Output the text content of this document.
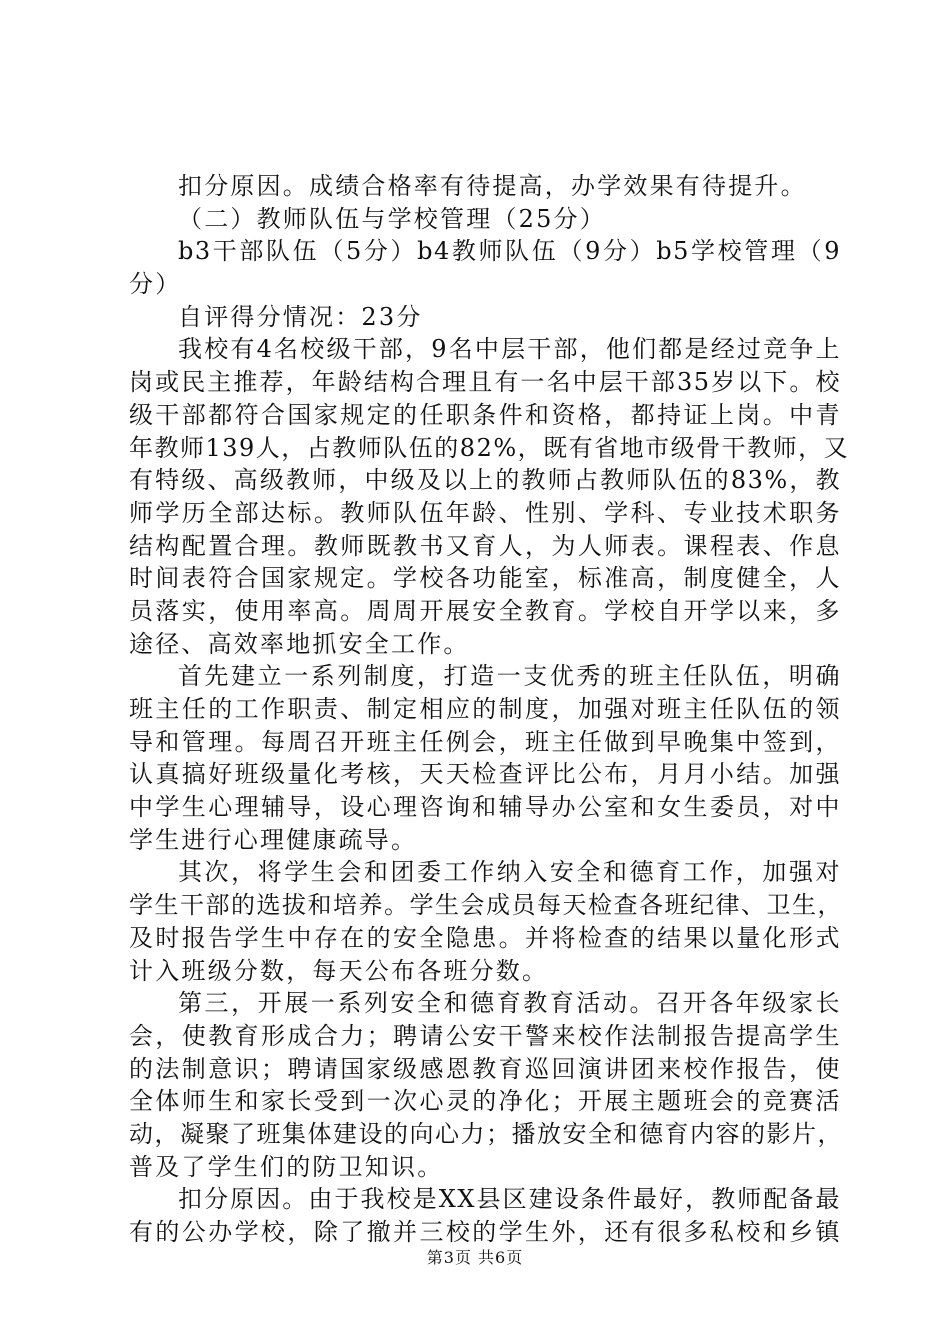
扣分原因。成绩合格率有待提高，办学效果有待提升。
（二）教师队伍与学校管理（25分）
b3干部队伍（5分）b4教师队伍（9分）b5学校管理（9
分）
自评得分情况：23分
我校有4名校级干部，9名中层干部，他们都是经过竞争上
岗或民主推荐，年龄结构合理且有一名中层干部35岁以下。校
级干部都符合国家规定的任职条件和资格，都持证上岗。中青
年教师139人，占教师队伍的82%，既有省地市级骨干教师，又
有特级、高级教师，中级及以上的教师占教师队伍的83%，教
师学历全部达标。教师队伍年龄、性别、学科、专业技术职务
结构配置合理。教师既教书又育人，为人师表。课程表、作息
时间表符合国家规定。学校各功能室，标准高，制度健全，人
员落实，使用率高。周周开展安全教育。学校自开学以来，多
途径、高效率地抓安全工作。
首先建立一系列制度，打造一支优秀的班主任队伍，明确
班主任的工作职责、制定相应的制度，加强对班主任队伍的领
导和管理。每周召开班主任例会，班主任做到早晚集中签到，
认真搞好班级量化考核，天天检查评比公布，月月小结。加强
中学生心理辅导，设心理咨询和辅导办公室和女生委员，对中
学生进行心理健康疏导。
其次，将学生会和团委工作纳入安全和德育工作，加强对
学生干部的选拔和培养。学生会成员每天检查各班纪律、卫生，
及时报告学生中存在的安全隐患。并将检查的结果以量化形式
计入班级分数，每天公布各班分数。
第三，开展一系列安全和德育教育活动。召开各年级家长
会，使教育形成合力；聘请公安干警来校作法制报告提高学生
的法制意识；聘请国家级感恩教育巡回演讲团来校作报告，使
全体师生和家长受到一次心灵的净化；开展主题班会的竞赛活
动，凝聚了班集体建设的向心力；播放安全和德育内容的影片，
普及了学生们的防卫知识。
扣分原因。由于我校是XX县区建设条件最好，教师配备最
有的公办学校，除了撤并三校的学生外，还有很多私校和乡镇
第3页 共6页
